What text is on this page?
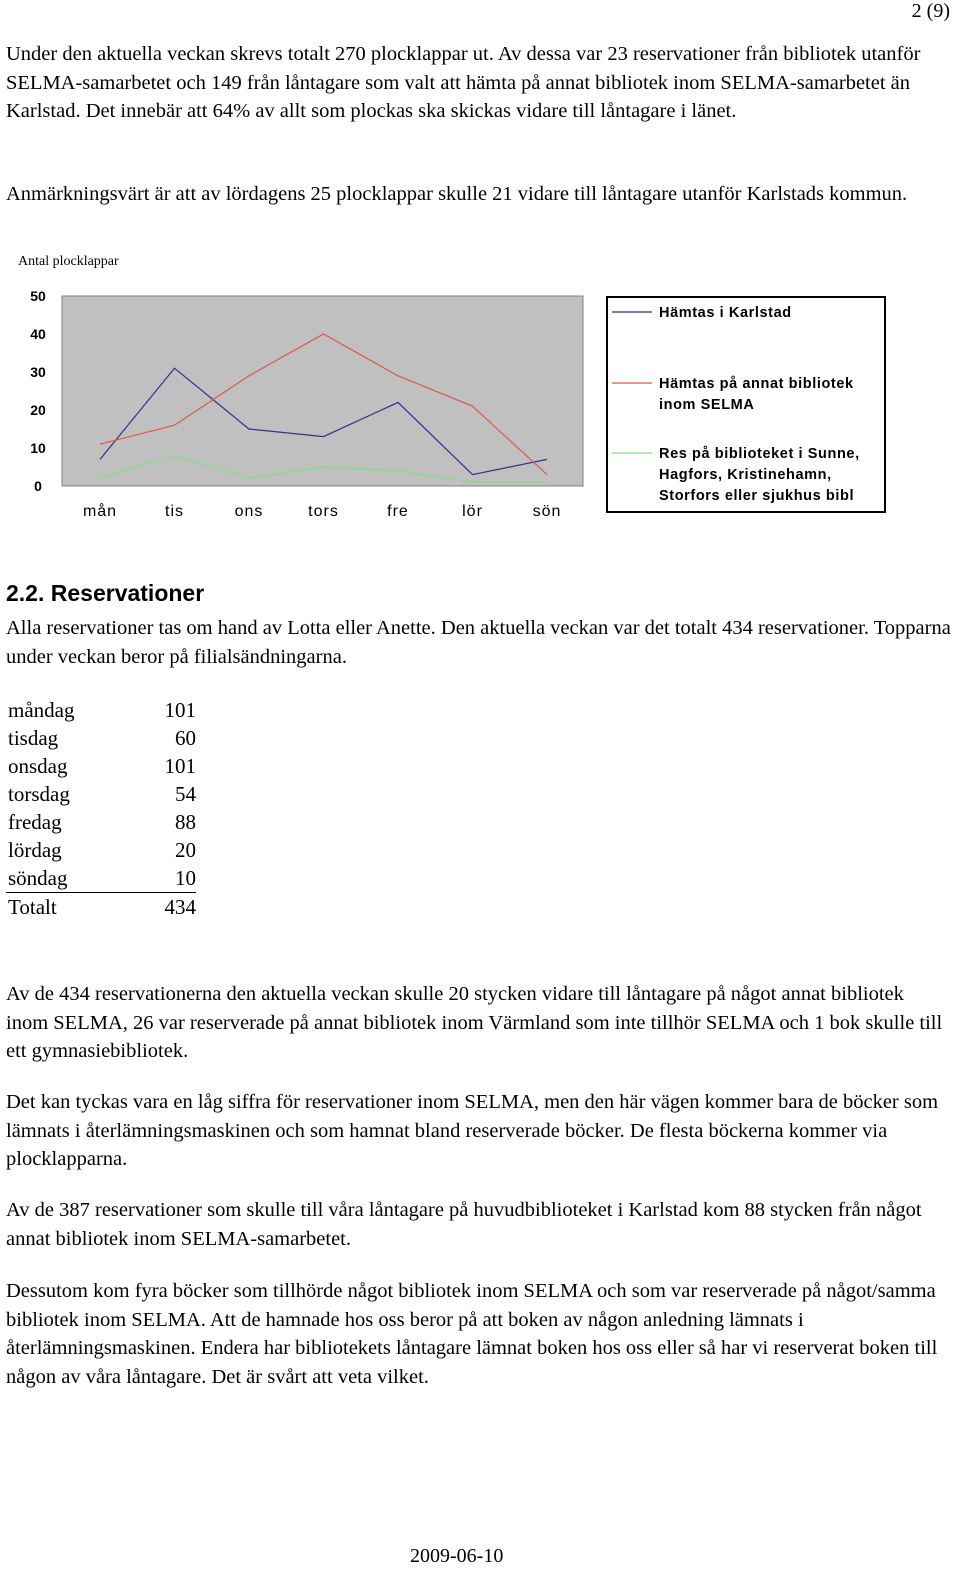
2 (9)

Under den aktuella veckan skrevs totalt 270 plocklappar ut. Av dessa var 23 reservationer från bibliotek utanför SELMA-samarbetet och 149 från låntagare som valt att hämta på annat bibliotek inom SELMA-samarbetet än Karlstad. Det innebär att 64% av allt som plockas ska skickas vidare till låntagare i länet.

Anmärkningsvärt är att av lördagens 25 plocklappar skulle 21 vidare till låntagare utanför Karlstads kommun.

Antal plocklappar
0
10
20
30
40
50
mån	tis	ons	tors	fre	lör	sön
Hämtas i Karlstad
Hämtas på annat bibliotek inom SELMA
Res på biblioteket i Sunne, Hagfors, Kristinehamn, Storfors eller sjukhus bibl
2.2. Reservationer

Alla reservationer tas om hand av Lotta eller Anette. Den aktuella veckan var det totalt 434 reservationer. Topparna under veckan beror på filialsändningarna.

måndag	101
tisdag	60
onsdag	101
torsdag	54
fredag	88
lördag	20
söndag	10
Totalt	434

Av de 434 reservationerna den aktuella veckan skulle 20 stycken vidare till låntagare på något annat bibliotek inom SELMA, 26 var reserverade på annat bibliotek inom Värmland som inte tillhör SELMA och 1 bok skulle till ett gymnasiebibliotek.

Det kan tyckas vara en låg siffra för reservationer inom SELMA, men den här vägen kommer bara de böcker som lämnats i återlämningsmaskinen och som hamnat bland reserverade böcker. De flesta böckerna kommer via plocklapparna.

Av de 387 reservationer som skulle till våra låntagare på huvudbiblioteket i Karlstad kom 88 stycken från något annat bibliotek inom SELMA-samarbetet.

Dessutom kom fyra böcker som tillhörde något bibliotek inom SELMA och som var reserverade på något/samma bibliotek inom SELMA. Att de hamnade hos oss beror på att boken av någon anledning lämnats i återlämningsmaskinen. Endera har bibliotekets låntagare lämnat boken hos oss eller så har vi reserverat boken till någon av våra låntagare. Det är svårt att veta vilket.

2009-06-10
